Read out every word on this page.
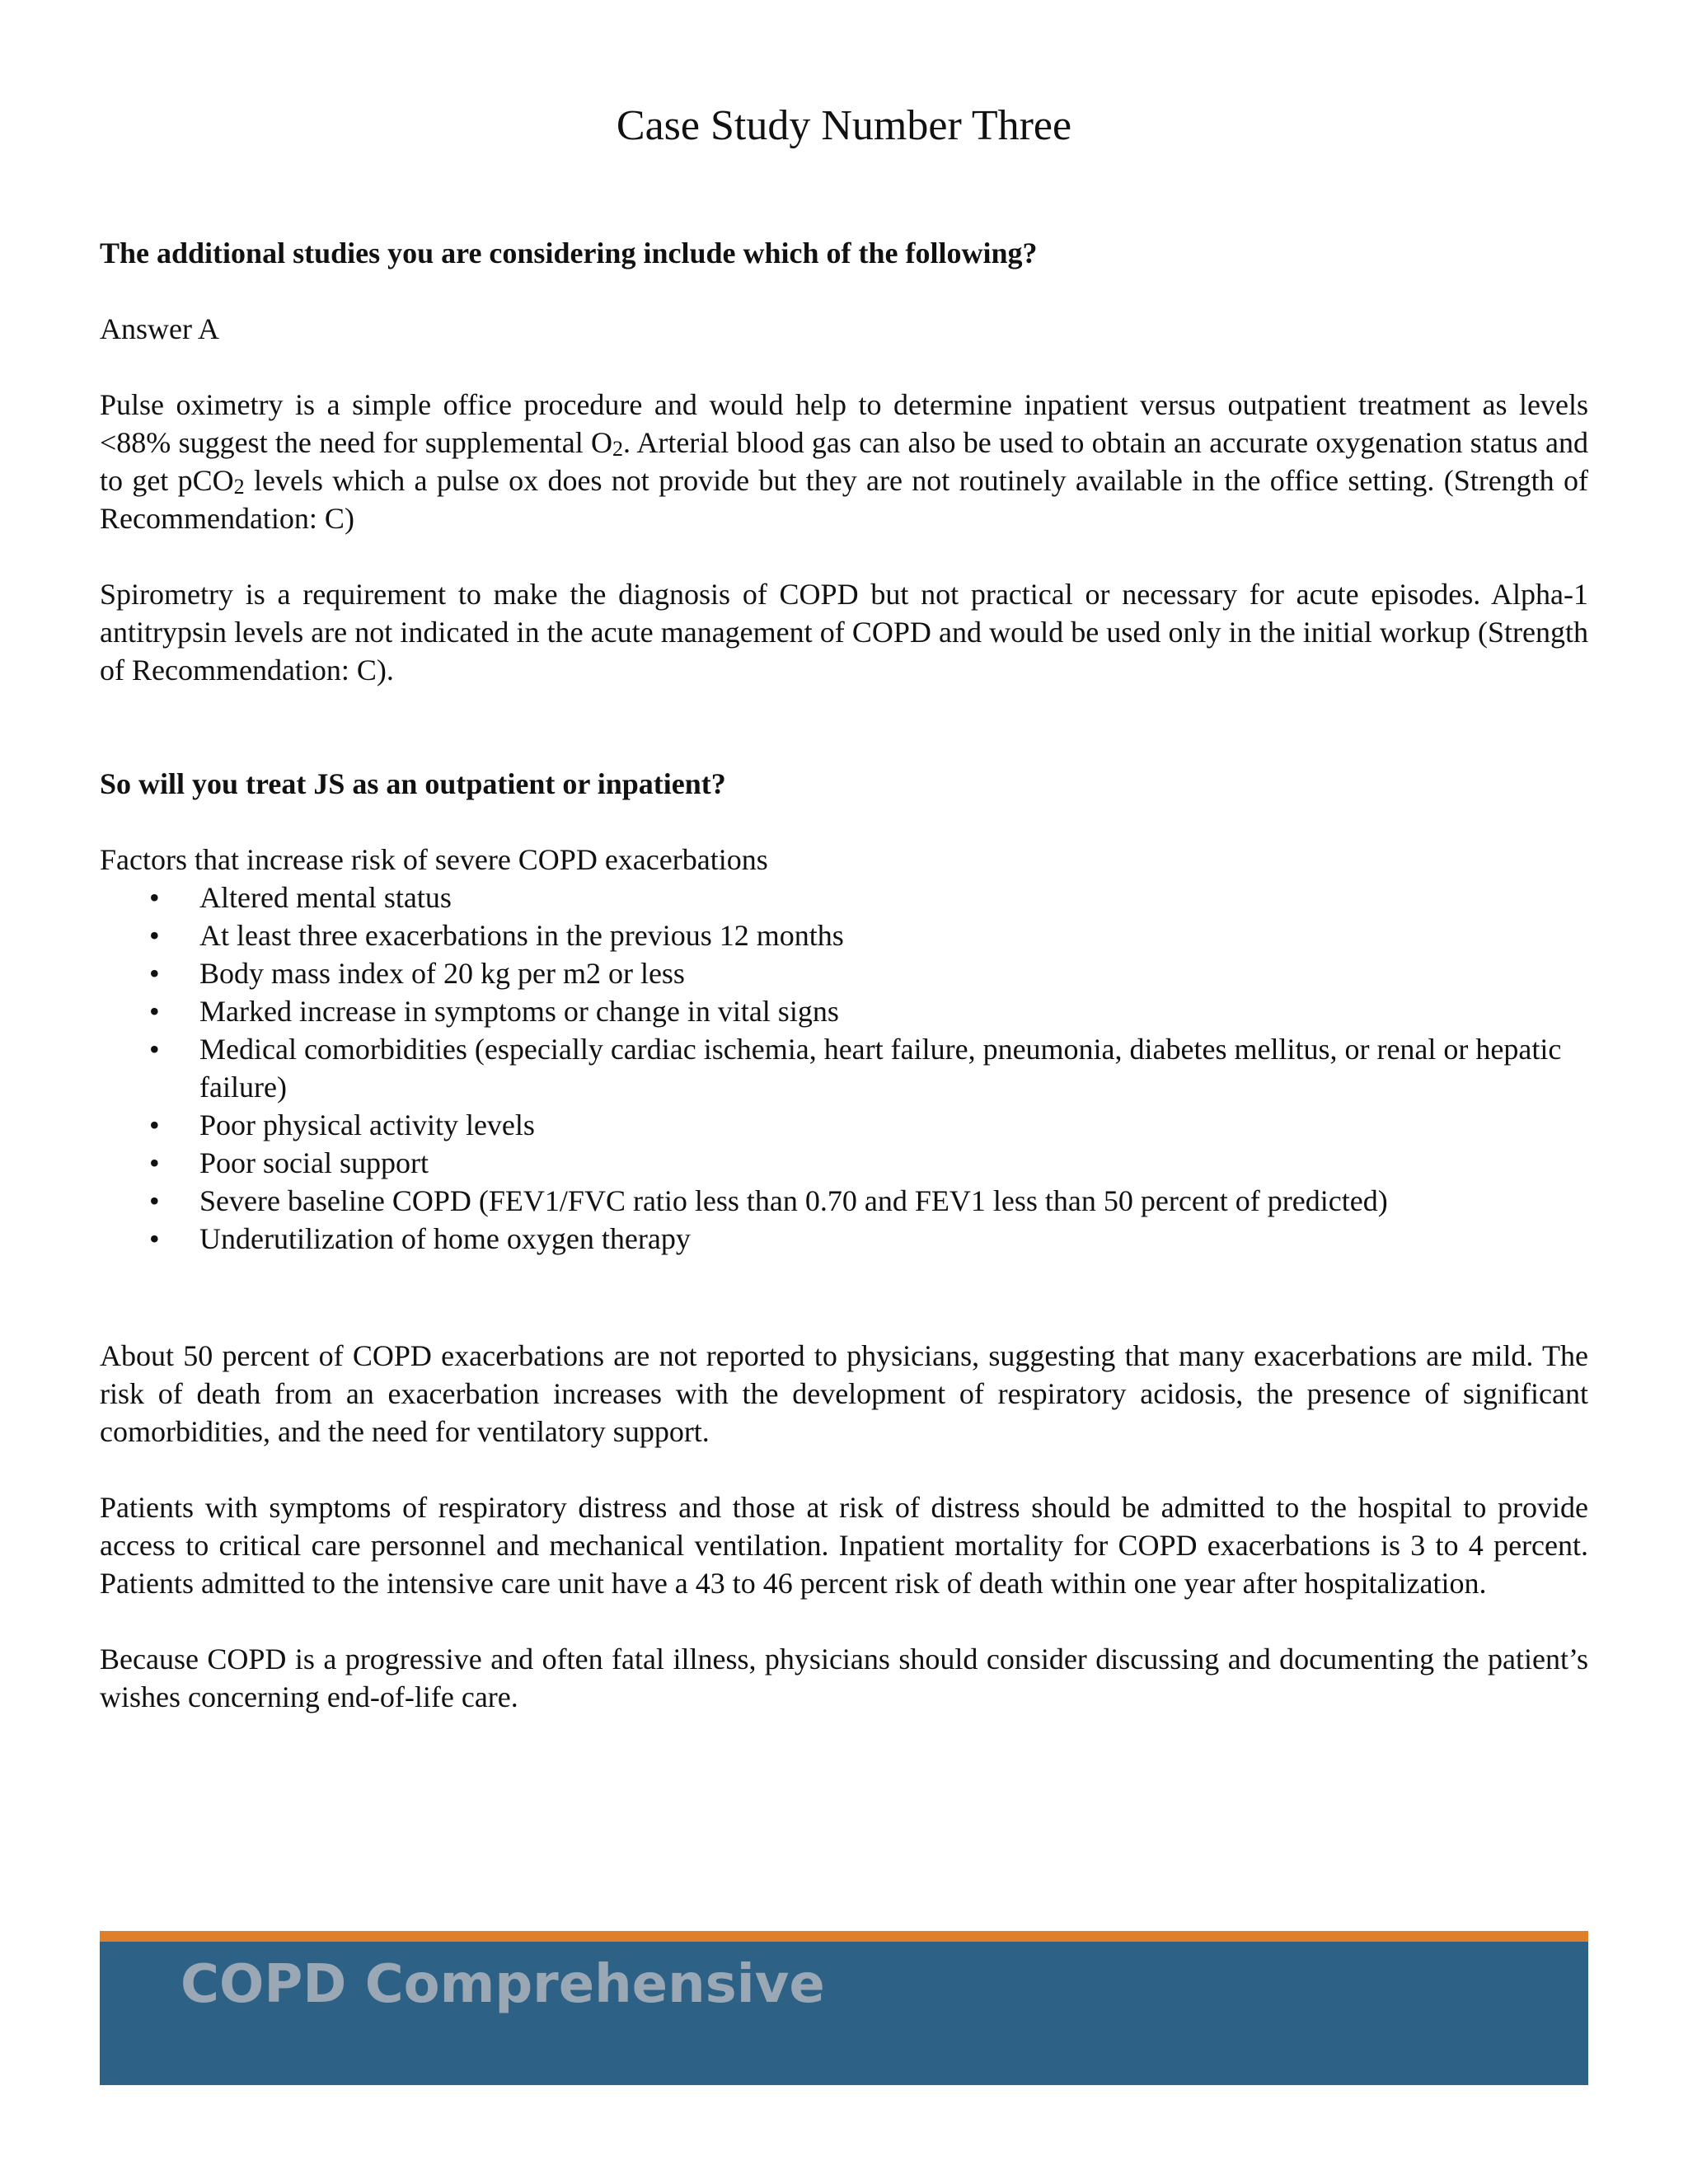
Case Study Number Three

The additional studies you are considering include which of the following?

Answer A

Pulse oximetry is a simple office procedure and would help to determine inpatient versus outpatient treatment as levels <88% suggest the need for supplemental $O_2$. Arterial blood gas can also be used to obtain an accurate oxygenation status and to get pCO$_2$ levels which a pulse ox does not provide but they are not routinely available in the office setting. (Strength of Recommendation: C)

Spirometry is a requirement to make the diagnosis of COPD but not practical or necessary for acute episodes. Alpha-1 antitrypsin levels are not indicated in the acute management of COPD and would be used only in the initial workup (Strength of Recommendation: C).

So will you treat JS as an outpatient or inpatient?

Factors that increase risk of severe COPD exacerbations

• Altered mental status
• At least three exacerbations in the previous 12 months
• Body mass index of 20 kg per m2 or less
• Marked increase in symptoms or change in vital signs
• Medical comorbidities (especially cardiac ischemia, heart failure, pneumonia, diabetes mellitus, or renal or hepatic failure)
• Poor physical activity levels
• Poor social support
• Severe baseline COPD (FEV1/FVC ratio less than 0.70 and FEV1 less than 50 percent of predicted)
• Underutilization of home oxygen therapy

About 50 percent of COPD exacerbations are not reported to physicians, suggesting that many exacerbations are mild. The risk of death from an exacerbation increases with the development of respiratory acidosis, the presence of significant comorbidities, and the need for ventilatory support.

Patients with symptoms of respiratory distress and those at risk of distress should be admitted to the hospital to provide access to critical care personnel and mechanical ventilation. Inpatient mortality for COPD exacerbations is 3 to 4 percent. Patients admitted to the intensive care unit have a 43 to 46 percent risk of death within one year after hospitalization.

Because COPD is a progressive and often fatal illness, physicians should consider discussing and documenting the patient’s wishes concerning end-of-life care.

COPD Comprehensive
